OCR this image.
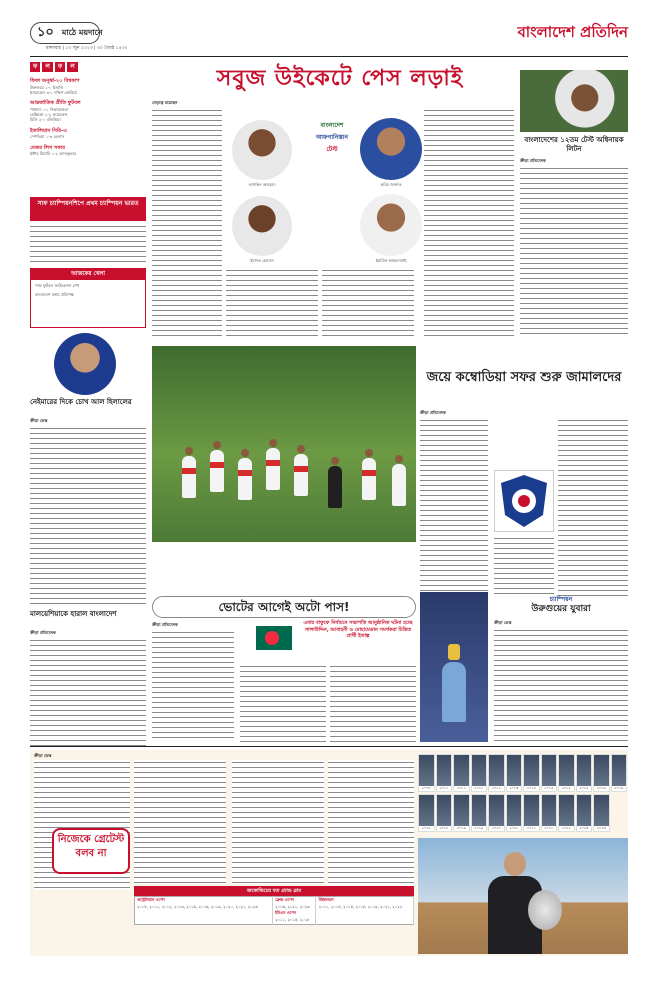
১০ মাঠে ময়দানে
মঙ্গলবার | ১৩ জুন ২০২৩ | ৩০ জ্যৈষ্ঠ ১৪৩০
বাংলাদেশ প্রতিদিন
ফ ল ফ ল
ফিফা অনূর্ধ্ব-২০ বিশ্বকাপ
উরুগুয়ে ১-০ ইতালি
ইসরায়েল ৩-১ দক্ষিণ কোরিয়া
আন্তর্জাতিক প্রীতি ফুটবল
পানামা ০-১ নিকারাগুয়া
মেক্সিকো ২-২ ক্যামেরুন
চিলি ২-০ বলিভিয়া
ইতালিয়ান সিরি-এ
স্পেজিয়া ১-৩ হেলাস
মেজর লিগ সকার
ইন্টার মিয়ামি ১-২ ভ্যানকুভার
সাফ চ্যাম্পিয়নশিপে প্রথম চ্যাম্পিয়ন ভারত
আজকের খেলা
সাফ ফুটবল ফাউন্ডেশন শেখ
বাংলাদেশ বনাম প্রতিপক্ষ
নেইমারের দিকে চোখ আল হিলালের
ক্রীড়া ডেস্ক
মালয়েশিয়াকে হারাল বাংলাদেশ
ক্রীড়া প্রতিবেদক
সবুজ উইকেটে পেস লড়াই
নেতৃত্বে রয়েছেন
তাসকিন আহমেদ
বাংলাদেশ
আফগানিস্তান
টেস্ট
করিম জানাত
ইবাদত হোসেন	ইয়ামিন আহমদজাই
বাংলাদেশের ১২তম টেস্ট অধিনায়ক লিটন
ক্রীড়া প্রতিবেদক
জয়ে কম্বোডিয়া সফর শুরু জামালদের
ক্রীড়া প্রতিবেদক
ভোটের আগেই অটো পাস!
ক্রীড়া প্রতিবেদক	এবার বাফুফে নির্বাচনে সভাপতি আনুষ্ঠানিক ঘটনা হচ্ছে সালাউদ্দিন, আবাহনী ও মোহামেডান সমর্থকরা চিন্তিত প্রার্থী ইতাল্প
চ্যাম্পিয়ন
উরুগুয়ের যুবারা
ক্রীড়া ডেস্ক
ক্রীড়া ডেস্ক
নিজেকে গ্রেটেস্ট বলব না
জকোভিচের যত গ্র্যান্ড স্লাম
অস্ট্রেলিয়ান ওপেন	ফ্রেঞ্চ ওপেন	উইম্বলডন
২০০৮, ২০১১, ২০১২, ২০১৩, ২০১৫, ২০১৬, ২০১৯, ২০২০, ২০২১, ২০২৩	২০১৬, ২০২১, ২০২৩	২০১১, ২০১৪, ২০১৫, ২০১৮, ২০১৯, ২০২১, ২০২২
	ইউএস ওপেন	
	২০১১, ২০১৫, ২০১৮	
২০০৮	২০১১	২০১১	২০১১	২০১২	২০১৩	২০১৪	২০১৫	২০১৫	২০১৫	২০১৬	২০১৬
২০১৮	২০১৮	২০১৯	২০১৯	২০২০	২০২১	২০২১	২০২১	২০২২	২০২৩	২০২৩
